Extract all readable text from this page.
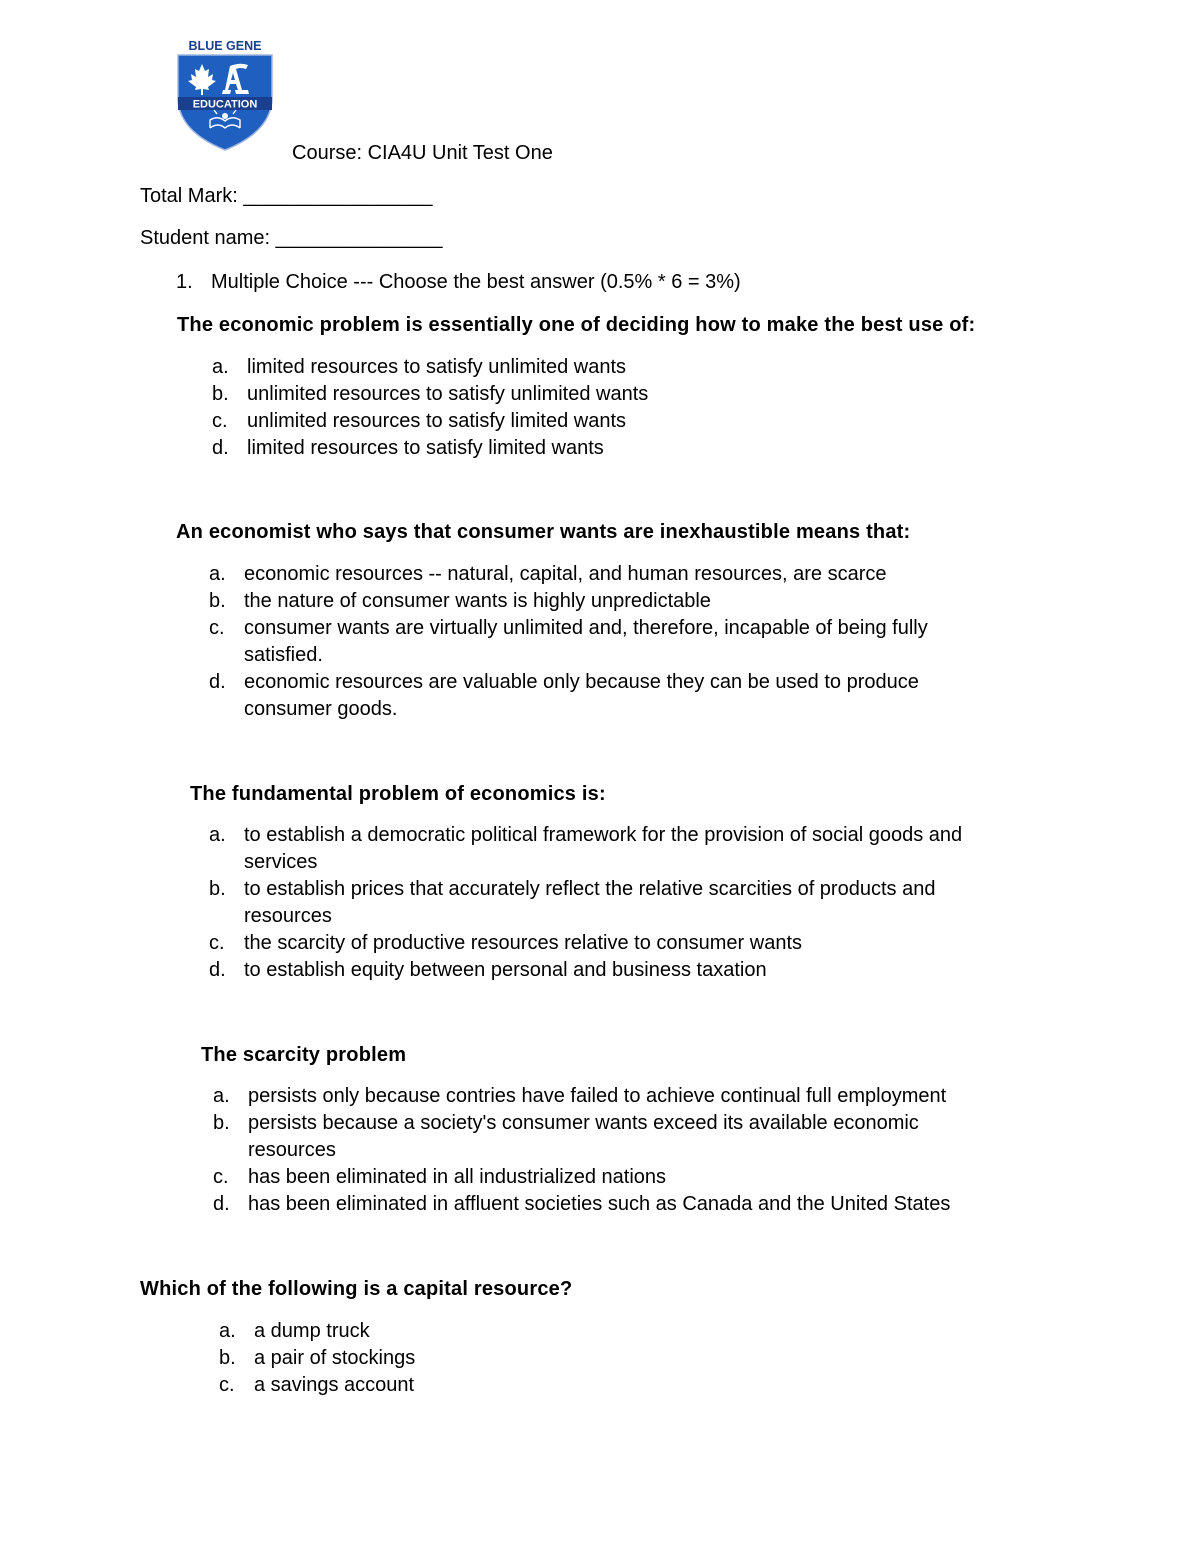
BLUE GENE
EDUCATION
Course: CIA4U Unit Test One
Total Mark: _________________
Student name: _______________
1. Multiple Choice --- Choose the best answer (0.5% * 6 = 3%)
The economic problem is essentially one of deciding how to make the best use of:
a. limited resources to satisfy unlimited wants
b. unlimited resources to satisfy unlimited wants
c. unlimited resources to satisfy limited wants
d. limited resources to satisfy limited wants
An economist who says that consumer wants are inexhaustible means that:
a. economic resources -- natural, capital, and human resources, are scarce
b. the nature of consumer wants is highly unpredictable
c. consumer wants are virtually unlimited and, therefore, incapable of being fully
satisfied.
d. economic resources are valuable only because they can be used to produce
consumer goods.
The fundamental problem of economics is:
a. to establish a democratic political framework for the provision of social goods and
services
b. to establish prices that accurately reflect the relative scarcities of products and
resources
c. the scarcity of productive resources relative to consumer wants
d. to establish equity between personal and business taxation
The scarcity problem
a. persists only because contries have failed to achieve continual full employment
b. persists because a society's consumer wants exceed its available economic
resources
c. has been eliminated in all industrialized nations
d. has been eliminated in affluent societies such as Canada and the United States
Which of the following is a capital resource?
a. a dump truck
b. a pair of stockings
c. a savings account
